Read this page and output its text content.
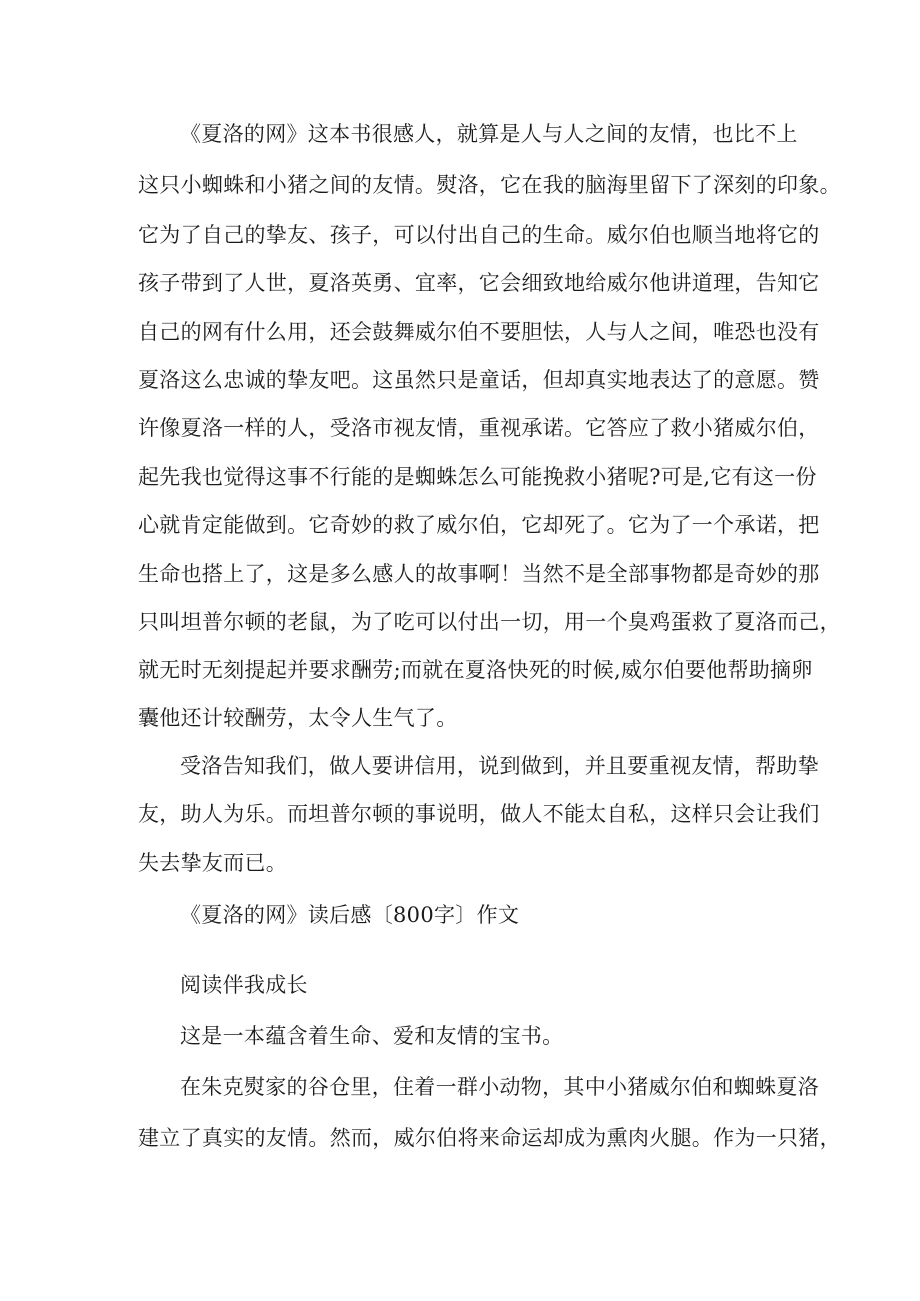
《夏洛的网》这本书很感人，就算是人与人之间的友情，也比不上
这只小蜘蛛和小猪之间的友情。熨洛，它在我的脑海里留下了深刻的印象。
它为了自己的挚友、孩子，可以付出自己的生命。威尔伯也顺当地将它的
孩子带到了人世，夏洛英勇、宜率，它会细致地给威尔他讲道理，告知它
自己的网有什么用，还会鼓舞威尔伯不要胆怯，人与人之间，唯恐也没有
夏洛这么忠诚的挚友吧。这虽然只是童话，但却真实地表达了的意愿。赞
许像夏洛一样的人，受洛市视友情，重视承诺。它答应了救小猪威尔伯，
起先我也觉得这事不行能的是蜘蛛怎么可能挽救小猪呢?可是,它有这一份
心就肯定能做到。它奇妙的救了威尔伯，它却死了。它为了一个承诺，把
生命也搭上了，这是多么感人的故事啊！当然不是全部事物都是奇妙的那
只叫坦普尔顿的老鼠，为了吃可以付出一切，用一个臭鸡蛋救了夏洛而己，
就无时无刻提起并要求酬劳;而就在夏洛快死的时候,威尔伯要他帮助摘卵
囊他还计较酬劳，太令人生气了。
受洛告知我们，做人要讲信用，说到做到，并且要重视友情，帮助挚
友，助人为乐。而坦普尔顿的事说明，做人不能太自私，这样只会让我们
失去挚友而已。
《夏洛的网》读后感〔800字〕作文
阅读伴我成长
这是一本蕴含着生命、爱和友情的宝书。
在朱克熨家的谷仓里，住着一群小动物，其中小猪威尔伯和蜘蛛夏洛
建立了真实的友情。然而，威尔伯将来命运却成为熏肉火腿。作为一只猪，
